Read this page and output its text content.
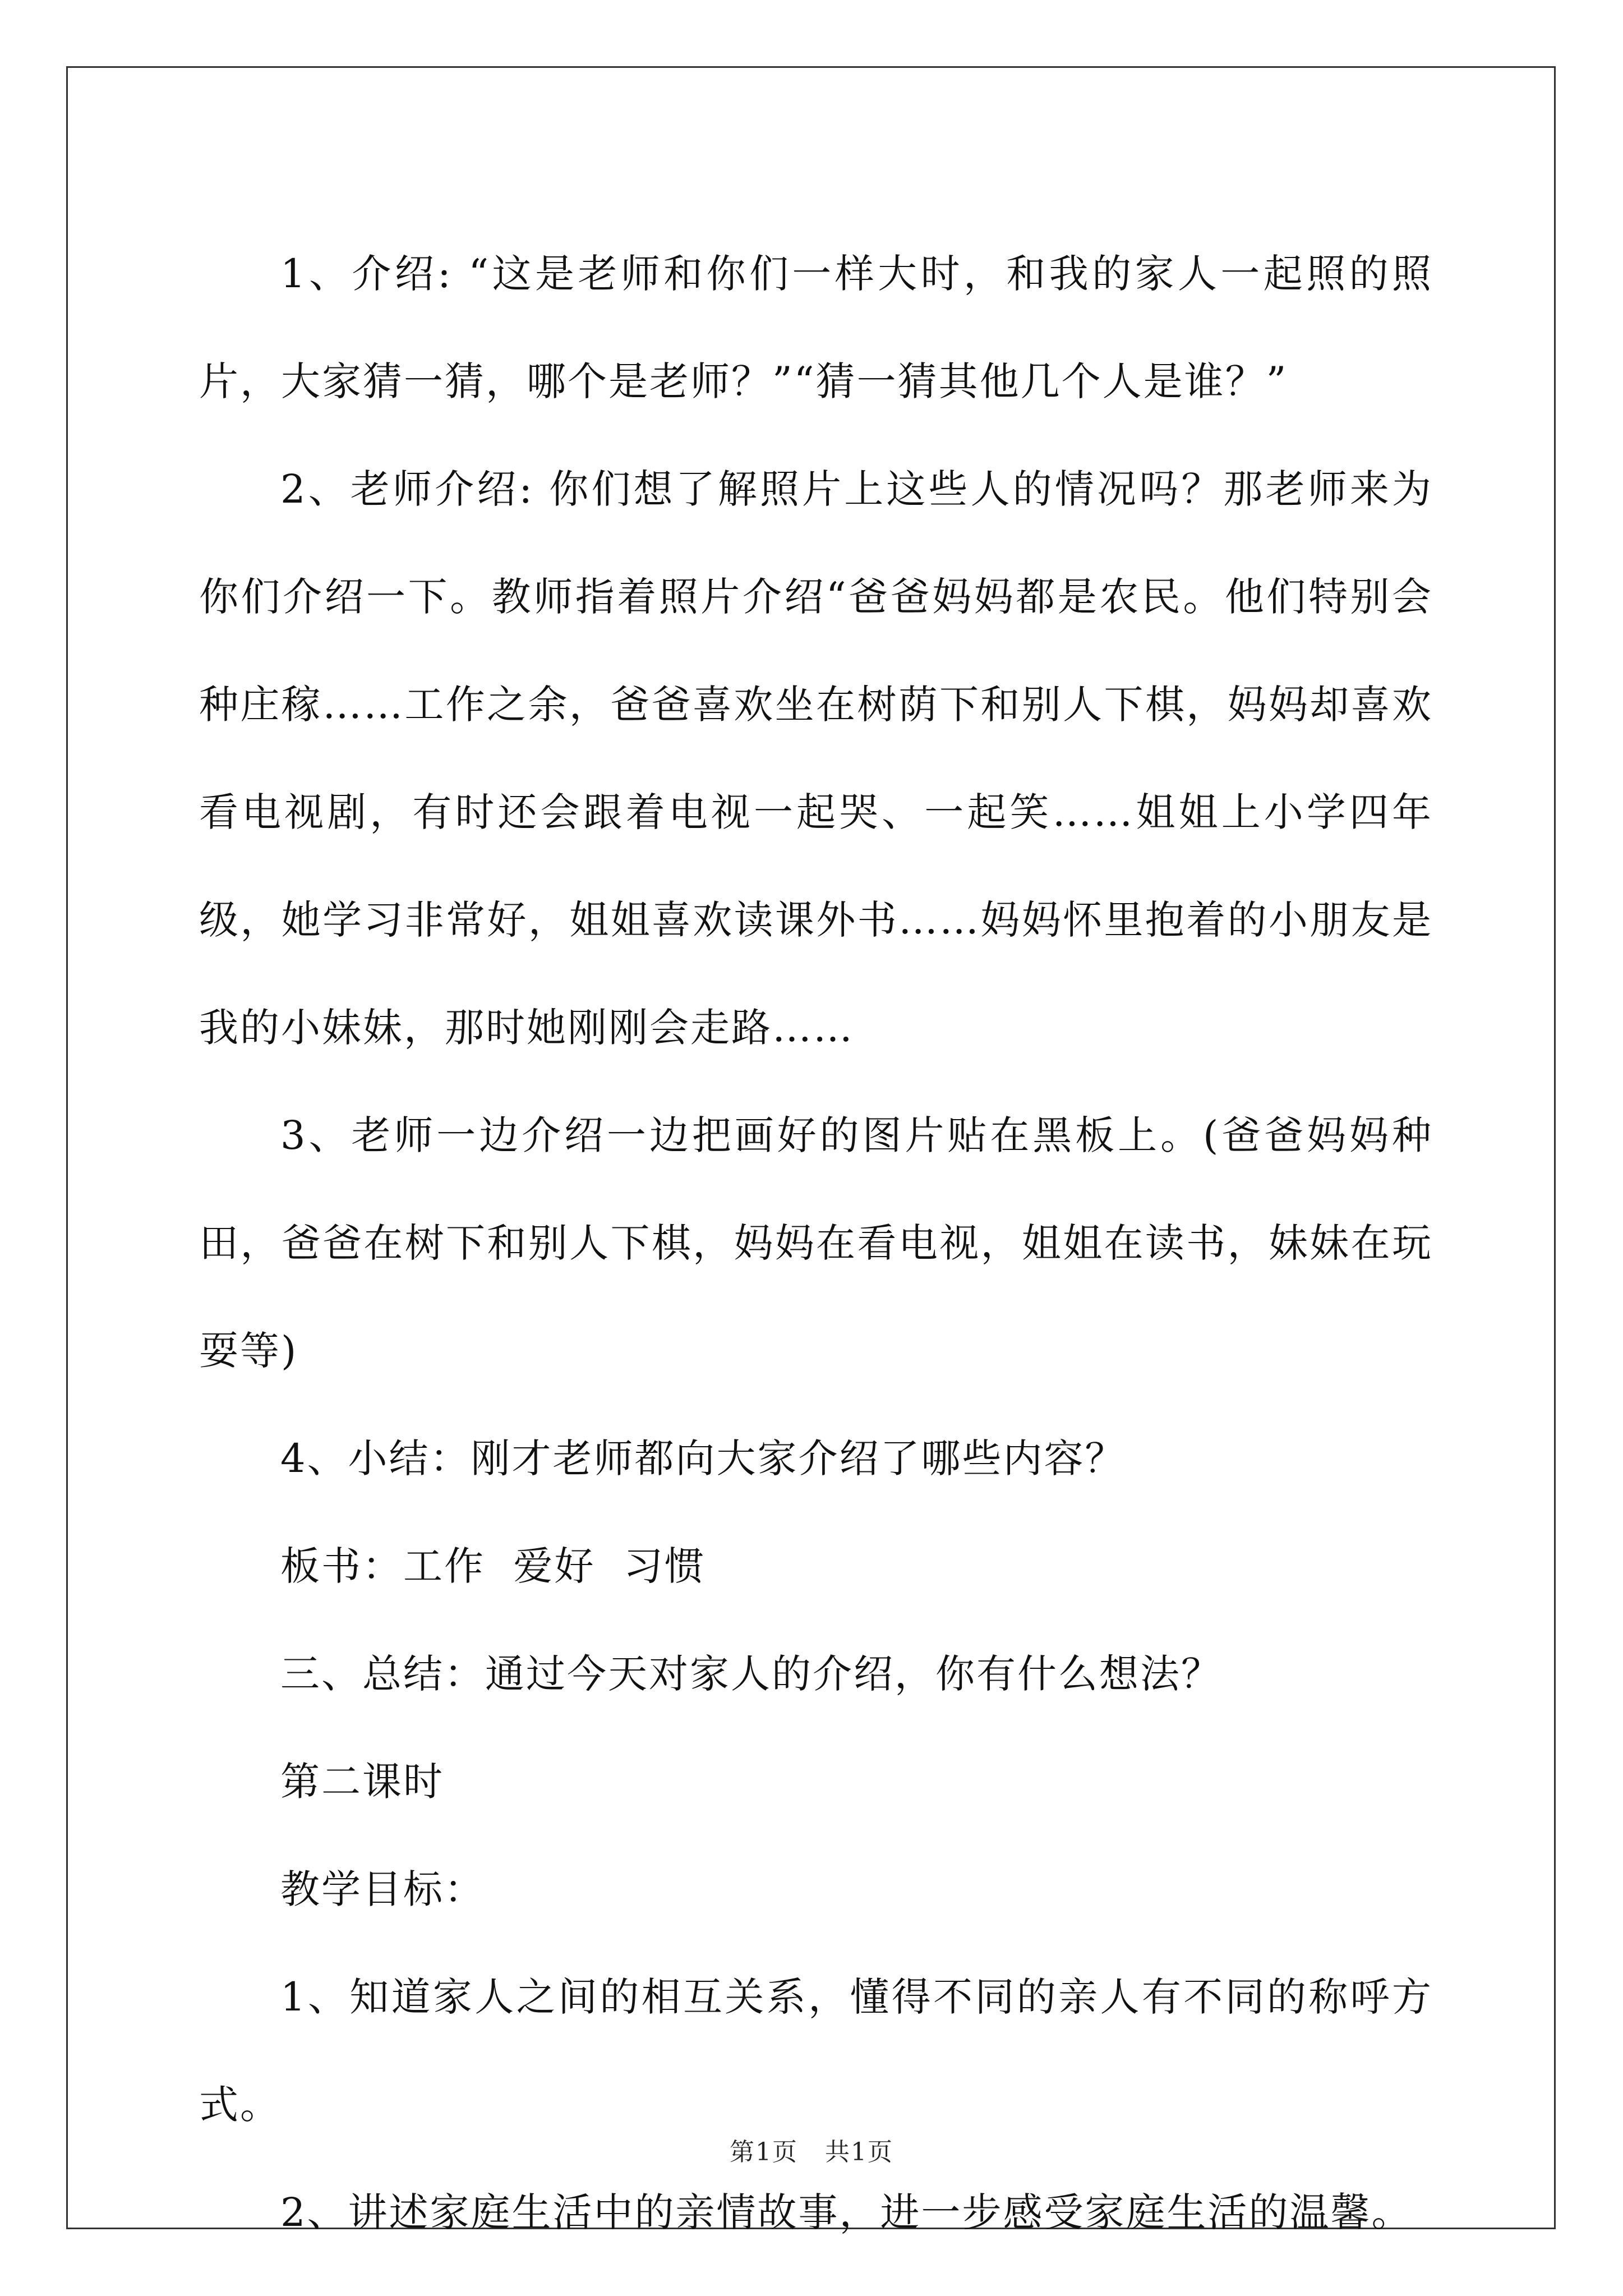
1、介绍: “这是老师和你们一样大时，和我的家人一起照的照片，大家猜一猜，哪个是老师？”“猜一猜其他几个人是谁？”

2、老师介绍: 你们想了解照片上这些人的情况吗？那老师来为你们介绍一下。教师指着照片介绍“爸爸妈妈都是农民。他们特别会种庄稼……工作之余，爸爸喜欢坐在树荫下和别人下棋，妈妈却喜欢看电视剧，有时还会跟着电视一起哭、一起笑……姐姐上小学四年级，她学习非常好，姐姐喜欢读课外书……妈妈怀里抱着的小朋友是我的小妹妹，那时她刚刚会走路……

3、老师一边介绍一边把画好的图片贴在黑板上。(爸爸妈妈种田，爸爸在树下和别人下棋，妈妈在看电视，姐姐在读书，妹妹在玩耍等)

4、小结：刚才老师都向大家介绍了哪些内容？

板书：工作  爱好  习惯

三、总结：通过今天对家人的介绍，你有什么想法？

第二课时

教学目标：

1、知道家人之间的相互关系，懂得不同的亲人有不同的称呼方式。

2、讲述家庭生活中的亲情故事，进一步感受家庭生活的温馨。

第1页   共1页
